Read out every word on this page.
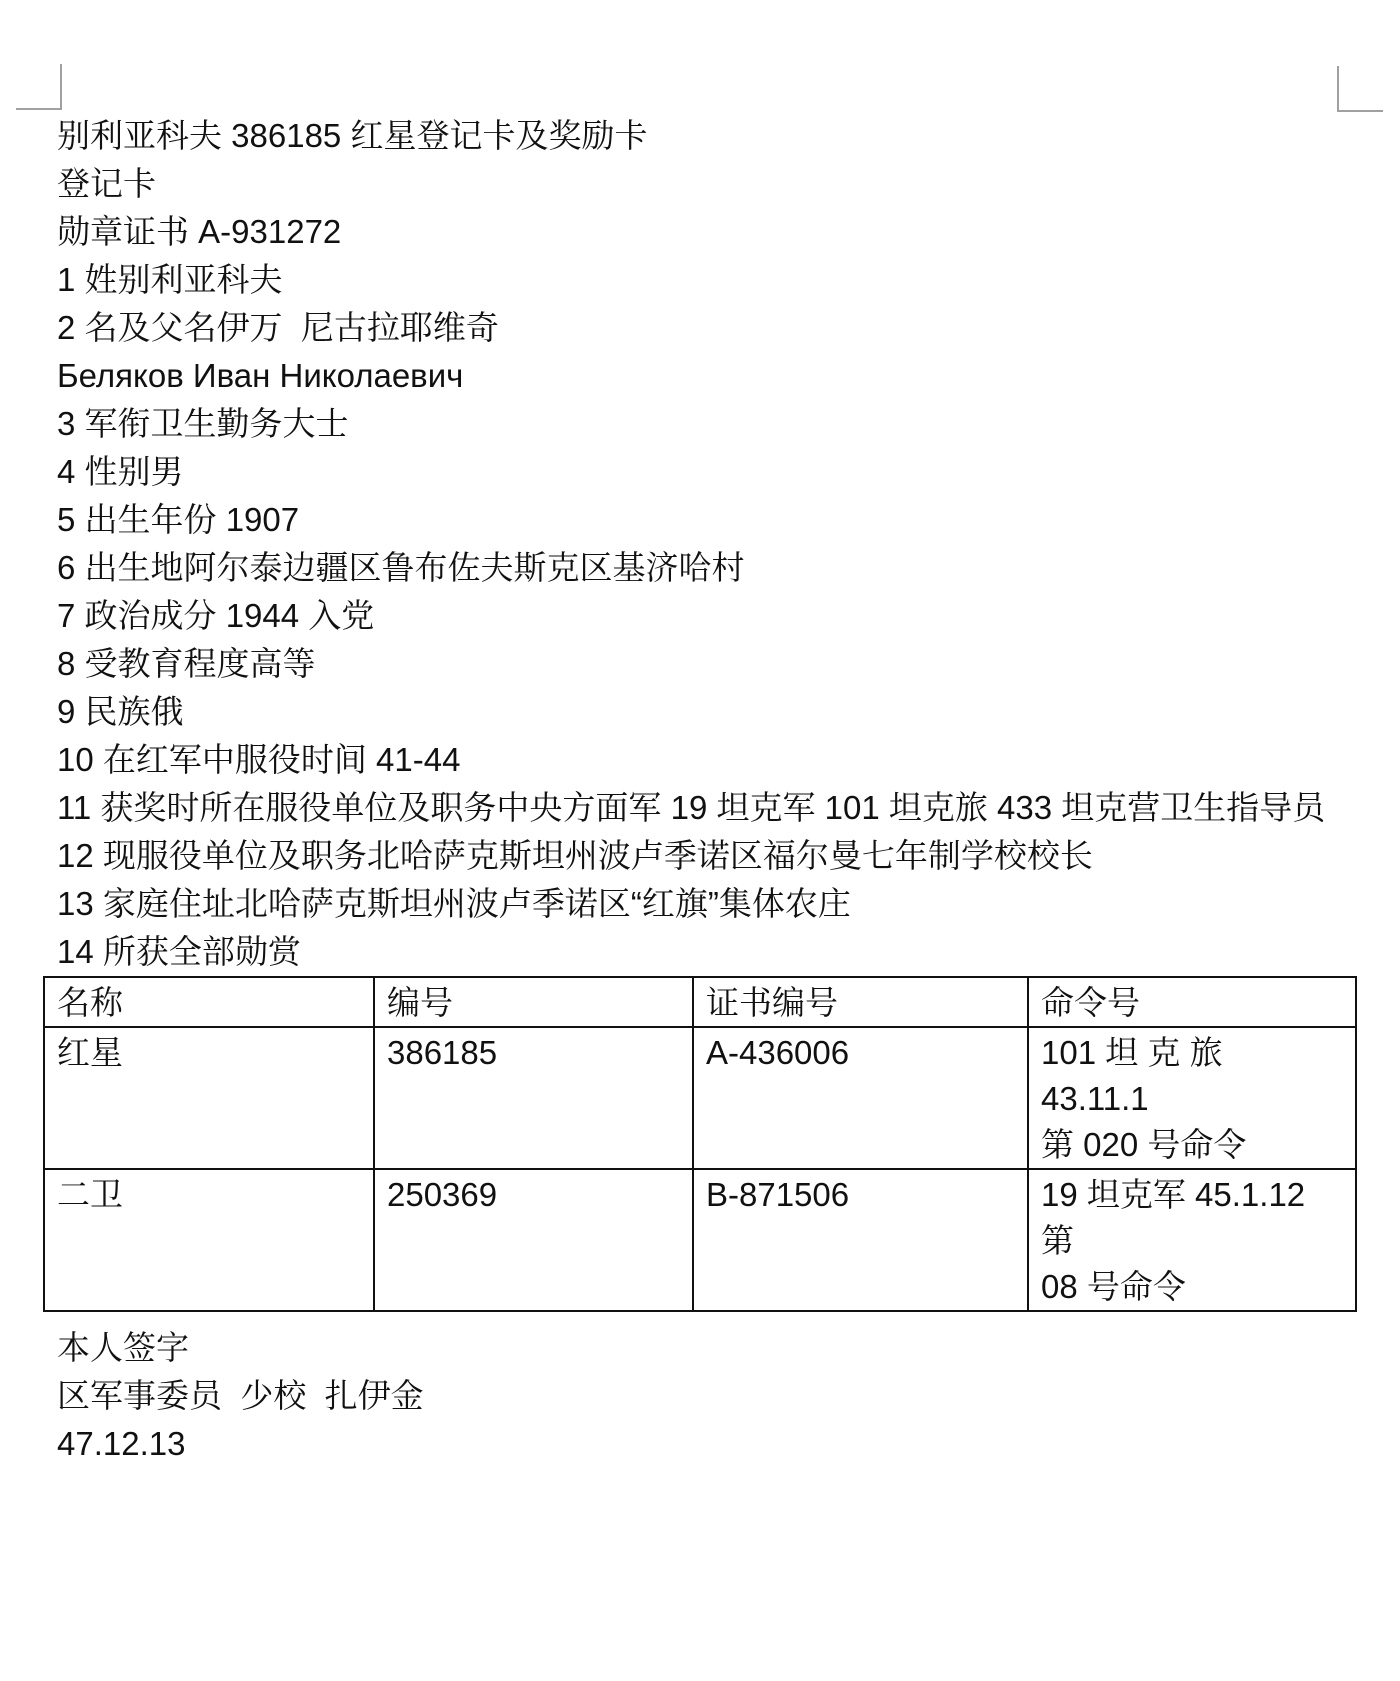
别利亚科夫 386185 红星登记卡及奖励卡

登记卡

勋章证书 A-931272

1 姓别利亚科夫

2 名及父名伊万  尼古拉耶维奇

Беляков Иван Николаевич

3 军衔卫生勤务大士

4 性别男

5 出生年份 1907

6 出生地阿尔泰边疆区鲁布佐夫斯克区基济哈村

7 政治成分 1944 入党

8 受教育程度高等

9 民族俄

10 在红军中服役时间 41-44

11 获奖时所在服役单位及职务中央方面军 19 坦克军 101 坦克旅 433 坦克营卫生指导员

12 现服役单位及职务北哈萨克斯坦州波卢季诺区福尔曼七年制学校校长

13 家庭住址北哈萨克斯坦州波卢季诺区“红旗”集体农庄

14 所获全部勋赏

名称	编号	证书编号	命令号
红星	386185	A-436006	101 坦 克 旅  43.11.1
第 020 号命令
二卫	250369	B-871506	19 坦克军 45.1.12 第
08 号命令

本人签字

区军事委员  少校  扎伊金

47.12.13
